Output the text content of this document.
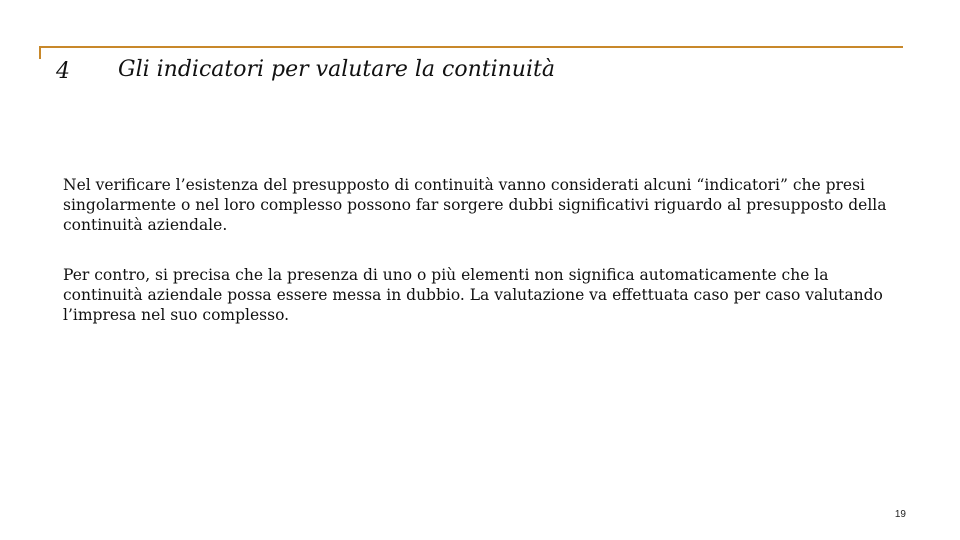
4 Gli indicatori per valutare la continuità

Nel verificare l’esistenza del presupposto di continuità vanno considerati alcuni “indicatori” che presi singolarmente o nel loro complesso possono far sorgere dubbi significativi riguardo al presupposto della continuità aziendale.

Per contro, si precisa che la presenza di uno o più elementi non significa automaticamente che la continuità aziendale possa essere messa in dubbio. La valutazione va effettuata caso per caso valutando l’impresa nel suo complesso.

19
